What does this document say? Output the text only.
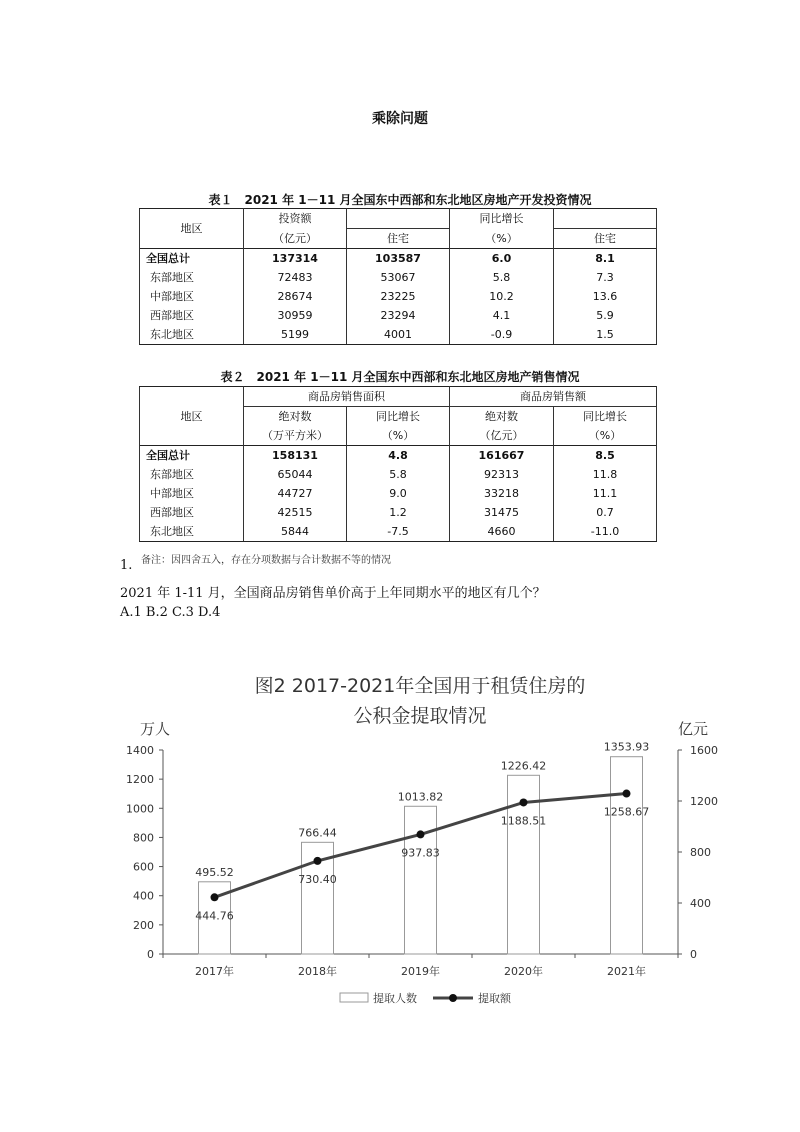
乘除问题
表１　2021 年 1－11 月全国东中西部和东北地区房地产开发投资情况
地区	投资额		同比增长	
	（亿元）	住宅	（%）	住宅
全国总计	137314	103587	6.0	8.1
东部地区	72483	53067	5.8	7.3
中部地区	28674	23225	10.2	13.6
西部地区	30959	23294	4.1	5.9
东北地区	5199	4001	-0.9	1.5
表２　2021 年 1－11 月全国东中西部和东北地区房地产销售情况
地区	商品房销售面积		商品房销售额	
	绝对数	同比增长	绝对数	同比增长
	（万平方米）	（%）	（亿元）	（%）
全国总计	158131	4.8	161667	8.5
东部地区	65044	5.8	92313	11.8
中部地区	44727	9.0	33218	11.1
西部地区	42515	1.2	31475	0.7
东北地区	5844	-7.5	4660	-11.0
备注：因四舍五入，存在分项数据与合计数据不等的情况
1.
2021 年 1-11 月，全国商品房销售单价高于上年同期水平的地区有几个？
A.1 B.2 C.3 D.4
图2 2017-2021年全国用于租赁住房的
公积金提取情况
万人	亿元
0
200
400
600
800
1000
1200
1400
0
400
800
1200
1600
2017年	2018年	2019年	2020年	2021年
495.52
766.44
1013.82
1226.42
1353.93
444.76
730.40
937.83
1188.51
1258.67
提取人数	提取额
